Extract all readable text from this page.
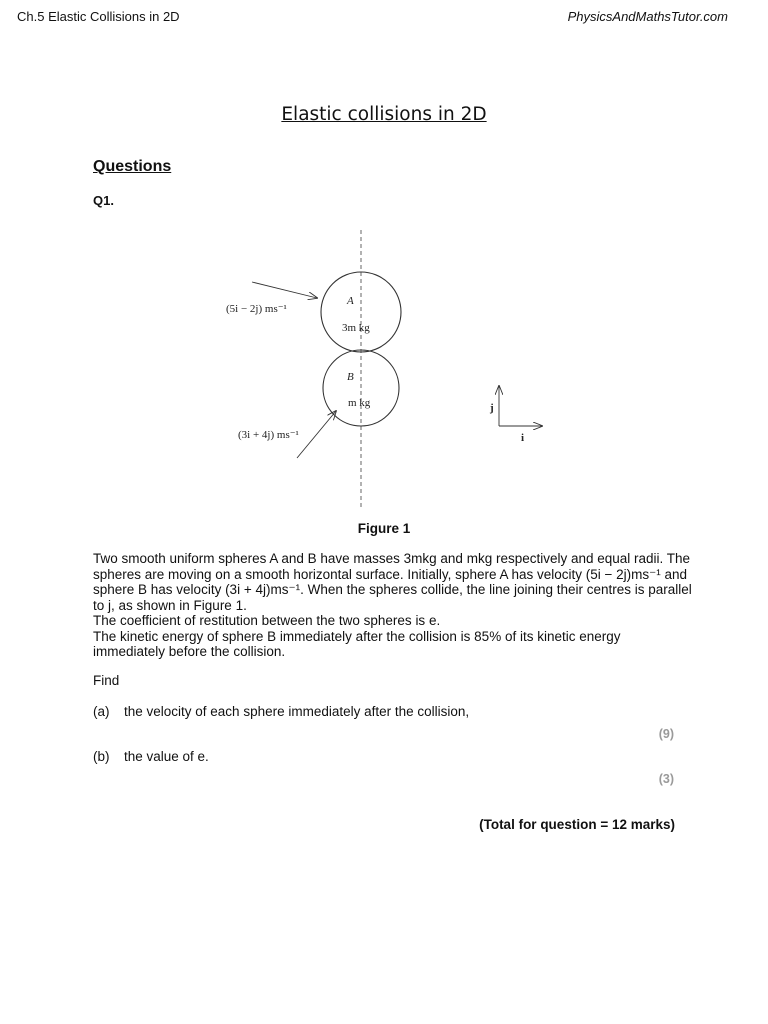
Ch.5 Elastic Collisions in 2D	PhysicsAndMathsTutor.com
Elastic collisions in 2D
Questions
Q1.
A
3m kg
B
m kg
(5i − 2j) ms⁻¹
(3i + 4j) ms⁻¹
j
i
Figure 1

Two smooth uniform spheres A and B have masses 3mkg and mkg respectively and equal radii. The spheres are moving on a smooth horizontal surface. Initially, sphere A has velocity (5i − 2j)ms⁻¹ and sphere B has velocity (3i + 4j)ms⁻¹. When the spheres collide, the line joining their centres is parallel to j, as shown in Figure 1.

The coefficient of restitution between the two spheres is e.

The kinetic energy of sphere B immediately after the collision is 85% of its kinetic energy immediately before the collision.

Find
(a) the velocity of each sphere immediately after the collision,
(9)
(b) the value of e.
(3)
(Total for question = 12 marks)
